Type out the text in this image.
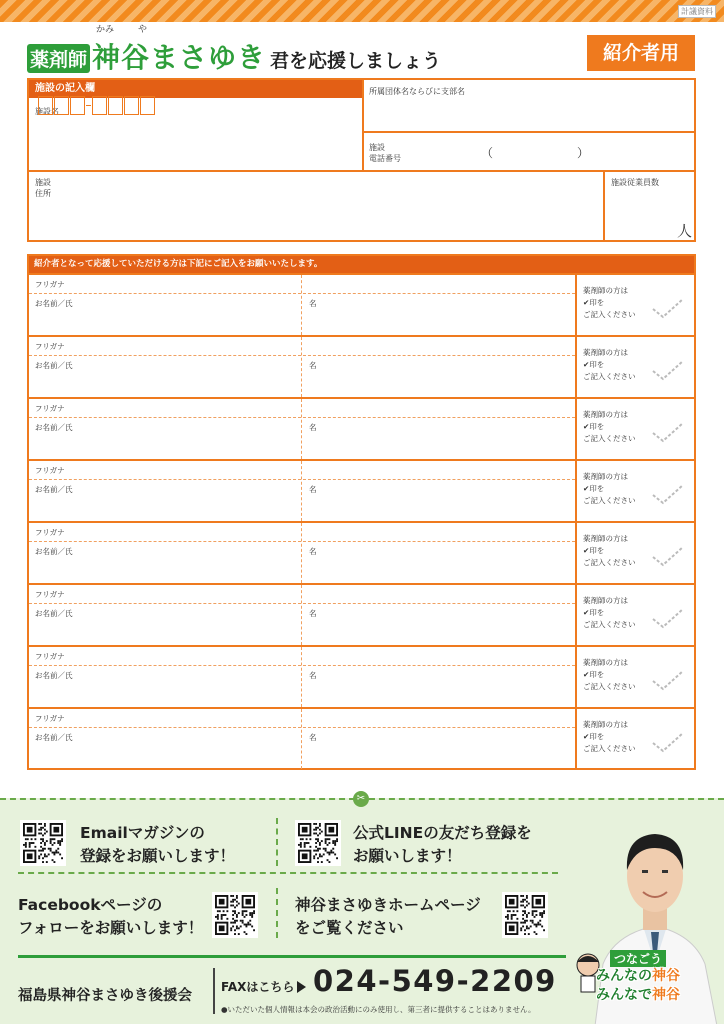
計議資料
薬剤師
かみ	や
神谷まさゆき 君を応援しましょう	紹介者用
施設の記入欄
施設名
所属団体名ならびに支部名
施設
電話番号	（	）
施設
住所
施設従業員数
人
紹介者となって応援していただける方は下記にご記入をお願いいたします。
フリガナ
お名前／氏	名
薬剤師の方は
✔印を
ご記入ください
フリガナ
お名前／氏	名
薬剤師の方は
✔印を
ご記入ください
フリガナ
お名前／氏	名
薬剤師の方は
✔印を
ご記入ください
フリガナ
お名前／氏	名
薬剤師の方は
✔印を
ご記入ください
フリガナ
お名前／氏	名
薬剤師の方は
✔印を
ご記入ください
フリガナ
お名前／氏	名
薬剤師の方は
✔印を
ご記入ください
フリガナ
お名前／氏	名
薬剤師の方は
✔印を
ご記入ください
フリガナ
お名前／氏	名
薬剤師の方は
✔印を
ご記入ください
✂
Emailマガジンの
登録をお願いします！
公式LINEの友だち登録を
お願いします！
Facebookページの
フォローをお願いします！
神谷まさゆきホームページ
をご覧ください
福島県神谷まさゆき後援会
FAXはこちら 024-549-2209
●いただいた個人情報は本会の政治活動にのみ使用し、第三者に提供することはありません。
つなごう
みんなの神谷
みんなで神谷
